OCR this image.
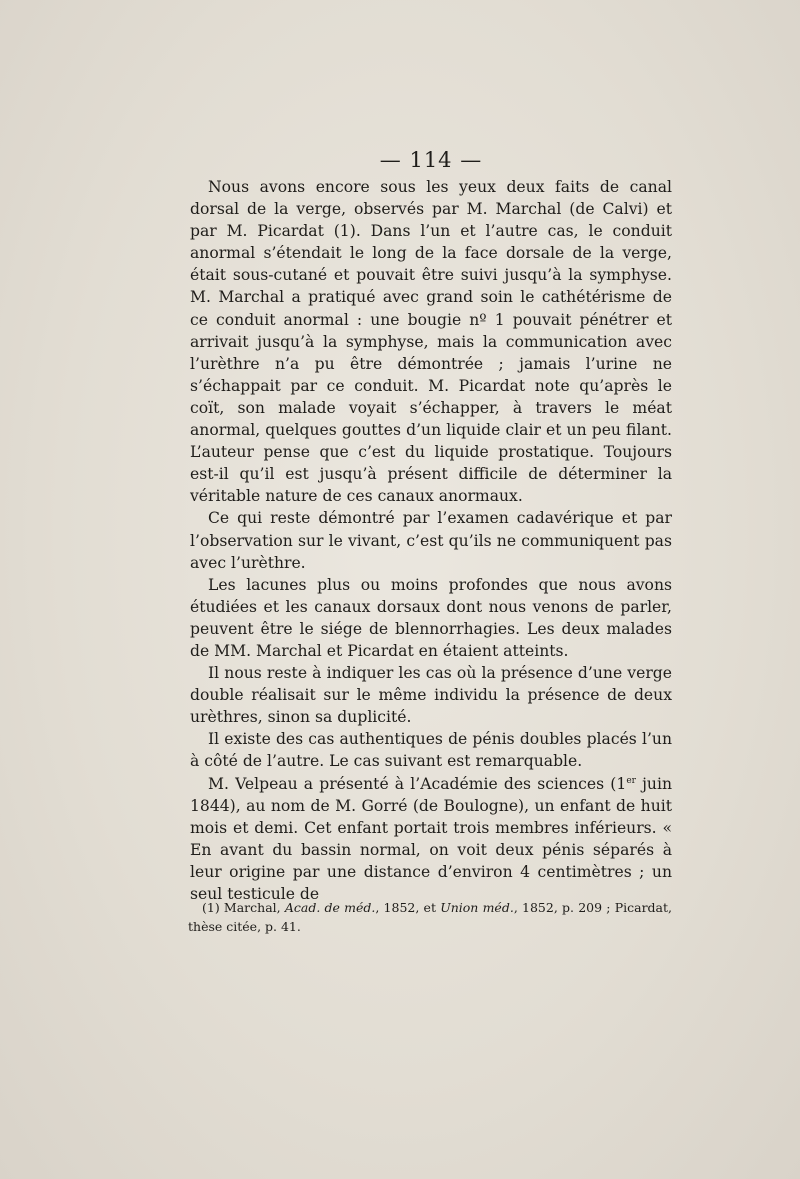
— 114 —

Nous avons encore sous les yeux deux faits de canal dorsal de la verge, observés par M. Marchal (de Calvi) et par M. Picardat (1). Dans l’un et l’autre cas, le conduit anormal s’étendait le long de la face dorsale de la verge, était sous-cutané et pouvait être suivi jusqu’à la symphyse. M. Marchal a pratiqué avec grand soin le cathétérisme de ce conduit anormal : une bougie nº 1 pouvait pénétrer et arrivait jusqu’à la symphyse, mais la communication avec l’urèthre n’a pu être démontrée ; jamais l’urine ne s’échappait par ce conduit. M. Picardat note qu’après le coït, son malade voyait s’échapper, à travers le méat anormal, quelques gouttes d’un liquide clair et un peu filant. L’auteur pense que c’est du liquide prostatique. Toujours est-il qu’il est jusqu’à présent difficile de déterminer la véritable nature de ces canaux anormaux.

Ce qui reste démontré par l’examen cadavérique et par l’observation sur le vivant, c’est qu’ils ne communiquent pas avec l’urèthre.

Les lacunes plus ou moins profondes que nous avons étudiées et les canaux dorsaux dont nous venons de parler, peuvent être le siége de blennorrhagies. Les deux malades de MM. Marchal et Picardat en étaient atteints.

Il nous reste à indiquer les cas où la présence d’une verge double réalisait sur le même individu la présence de deux urèthres, sinon sa duplicité.

Il existe des cas authentiques de pénis doubles placés l’un à côté de l’autre. Le cas suivant est remarquable.

M. Velpeau a présenté à l’Académie des sciences (1er juin 1844), au nom de M. Gorré (de Boulogne), un enfant de huit mois et demi. Cet enfant portait trois membres inférieurs. « En avant du bassin normal, on voit deux pénis séparés à leur origine par une distance d’environ 4 centimètres ; un seul testicule de

(1) Marchal, Acad. de méd., 1852, et Union méd., 1852, p. 209 ; Picardat, thèse citée, p. 41.
